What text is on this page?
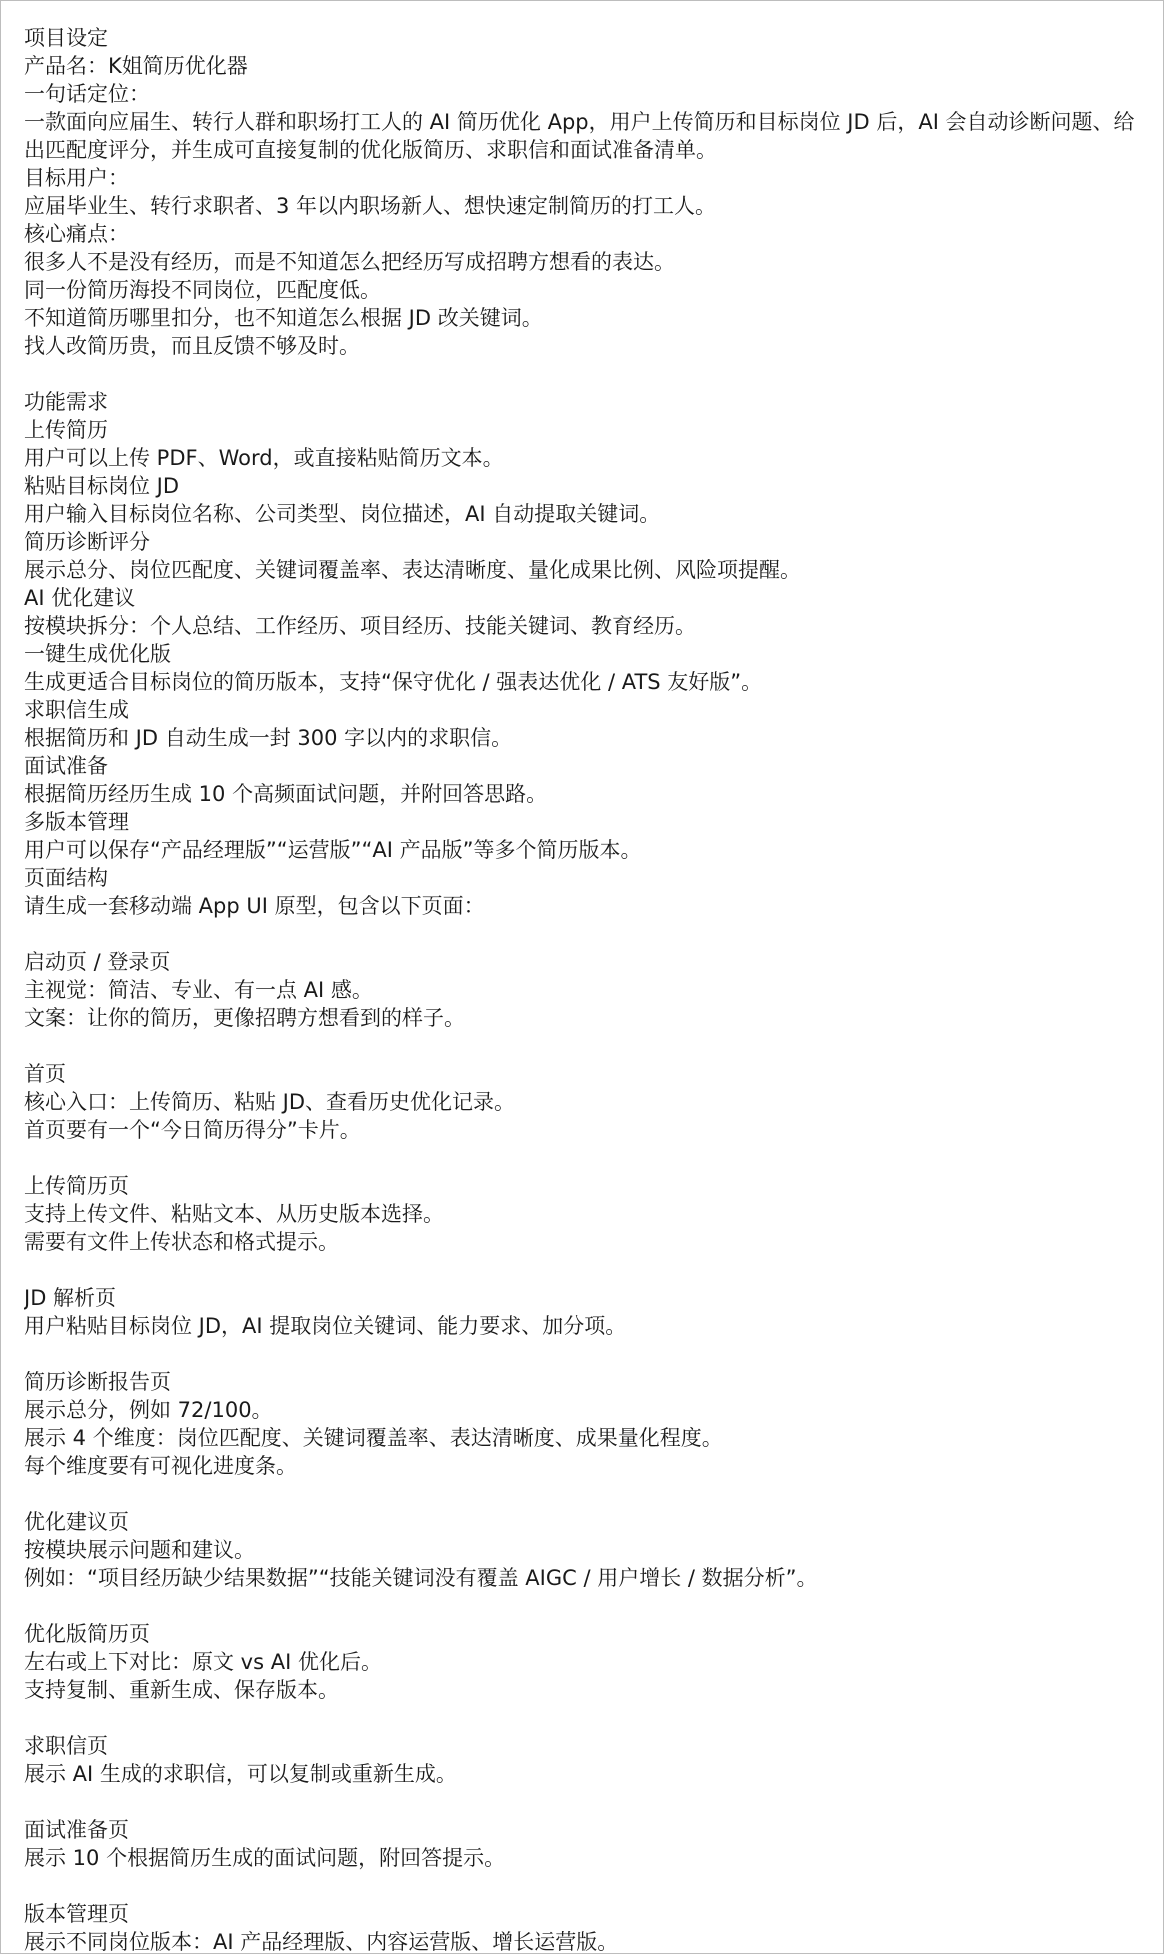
项目设定
产品名：K姐简历优化器
一句话定位：
一款面向应届生、转行人群和职场打工人的 AI 简历优化 App，用户上传简历和目标岗位 JD 后，AI 会自动诊断问题、给出匹配度评分，并生成可直接复制的优化版简历、求职信和面试准备清单。
目标用户：
应届毕业生、转行求职者、3 年以内职场新人、想快速定制简历的打工人。
核心痛点：
很多人不是没有经历，而是不知道怎么把经历写成招聘方想看的表达。
同一份简历海投不同岗位，匹配度低。
不知道简历哪里扣分，也不知道怎么根据 JD 改关键词。
找人改简历贵，而且反馈不够及时。
功能需求
上传简历
用户可以上传 PDF、Word，或直接粘贴简历文本。
粘贴目标岗位 JD
用户输入目标岗位名称、公司类型、岗位描述，AI 自动提取关键词。
简历诊断评分
展示总分、岗位匹配度、关键词覆盖率、表达清晰度、量化成果比例、风险项提醒。
AI 优化建议
按模块拆分：个人总结、工作经历、项目经历、技能关键词、教育经历。
一键生成优化版
生成更适合目标岗位的简历版本，支持“保守优化 / 强表达优化 / ATS 友好版”。
求职信生成
根据简历和 JD 自动生成一封 300 字以内的求职信。
面试准备
根据简历经历生成 10 个高频面试问题，并附回答思路。
多版本管理
用户可以保存“产品经理版”“运营版”“AI 产品版”等多个简历版本。
页面结构
请生成一套移动端 App UI 原型，包含以下页面：
启动页 / 登录页
主视觉：简洁、专业、有一点 AI 感。
文案：让你的简历，更像招聘方想看到的样子。
首页
核心入口：上传简历、粘贴 JD、查看历史优化记录。
首页要有一个“今日简历得分”卡片。
上传简历页
支持上传文件、粘贴文本、从历史版本选择。
需要有文件上传状态和格式提示。
JD 解析页
用户粘贴目标岗位 JD，AI 提取岗位关键词、能力要求、加分项。
简历诊断报告页
展示总分，例如 72/100。
展示 4 个维度：岗位匹配度、关键词覆盖率、表达清晰度、成果量化程度。
每个维度要有可视化进度条。
优化建议页
按模块展示问题和建议。
例如：“项目经历缺少结果数据”“技能关键词没有覆盖 AIGC / 用户增长 / 数据分析”。
优化版简历页
左右或上下对比：原文 vs AI 优化后。
支持复制、重新生成、保存版本。
求职信页
展示 AI 生成的求职信，可以复制或重新生成。
面试准备页
展示 10 个根据简历生成的面试问题，附回答提示。
版本管理页
展示不同岗位版本：AI 产品经理版、内容运营版、增长运营版。
